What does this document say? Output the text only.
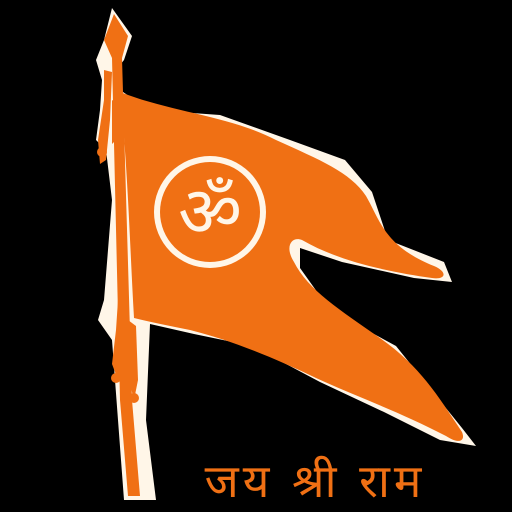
ॐ
जय श्री राम
